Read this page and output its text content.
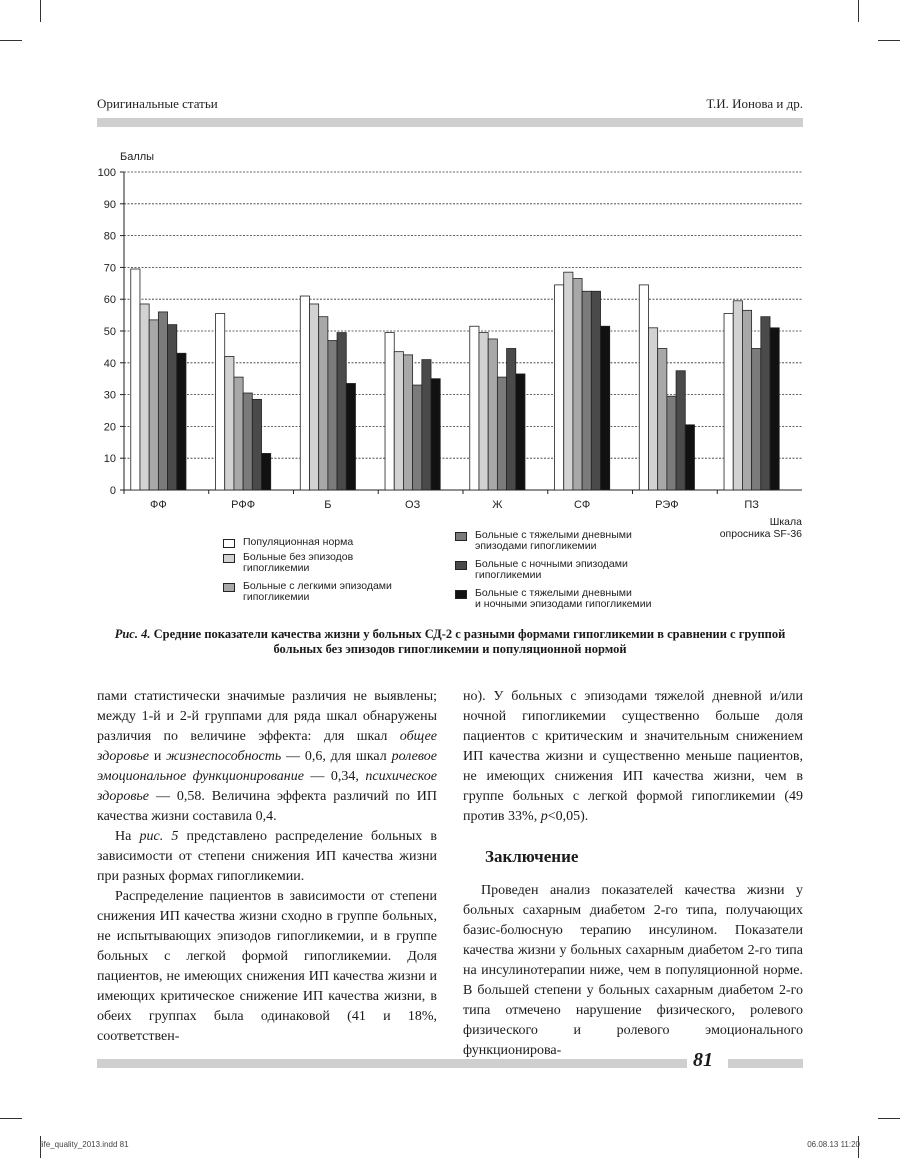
Оригинальные статьи	Т.И. Ионова и др.
Баллы
0
10
20
30
40
50
60
70
80
90
100
ФФ	РФФ	Б	ОЗ	Ж	СФ	РЭФ	ПЗ
Популяционная норма
Больные без эпизодов
гипогликемии
Больные с легкими эпизодами
гипогликемии
Больные с тяжелыми дневными
эпизодами гипогликемии
Больные с ночными эпизодами
гипогликемии
Больные с тяжелыми дневными
и ночными эпизодами гипогликемии
Шкала
опросника SF-36
Рис. 4. Средние показатели качества жизни у больных СД-2 с разными формами гипогликемии в сравнении с группой больных без эпизодов гипогликемии и популяционной нормой

пами статистически значимые различия не выявлены; между 1-й и 2-й группами для ряда шкал обнаружены различия по величине эффекта: для шкал общее здоровье и жизнеспособность — 0,6, для шкал ролевое эмоциональное функционирование — 0,34, психическое здоровье — 0,58. Величина эффекта различий по ИП качества жизни составила 0,4.

На рис. 5 представлено распределение больных в зависимости от степени снижения ИП качества жизни при разных формах гипогликемии.

Распределение пациентов в зависимости от степени снижения ИП качества жизни сходно в группе больных, не испытывающих эпизодов гипогликемии, и в группе больных с легкой формой гипогликемии. Доля пациентов, не имеющих снижения ИП качества жизни и имеющих критическое снижение ИП качества жизни, в обеих группах была одинаковой (41 и 18%, соответствен-

но). У больных с эпизодами тяжелой дневной и/или ночной гипогликемии существенно больше доля пациентов с критическим и значительным снижением ИП качества жизни и существенно меньше пациентов, не имеющих снижения ИП качества жизни, чем в группе больных с легкой формой гипогликемии (49 против 33%, р<0,05).

Заключение

Проведен анализ показателей качества жизни у больных сахарным диабетом 2-го типа, получающих базис-болюсную терапию инсулином. Показатели качества жизни у больных сахарным диабетом 2-го типа на инсулинотерапии ниже, чем в популяционной норме. В большей степени у больных сахарным диабетом 2-го типа отмечено нарушение физического, ролевого физического и ролевого эмоционального функционирова-	81
life_quality_2013.indd 81	06.08.13 11:20
